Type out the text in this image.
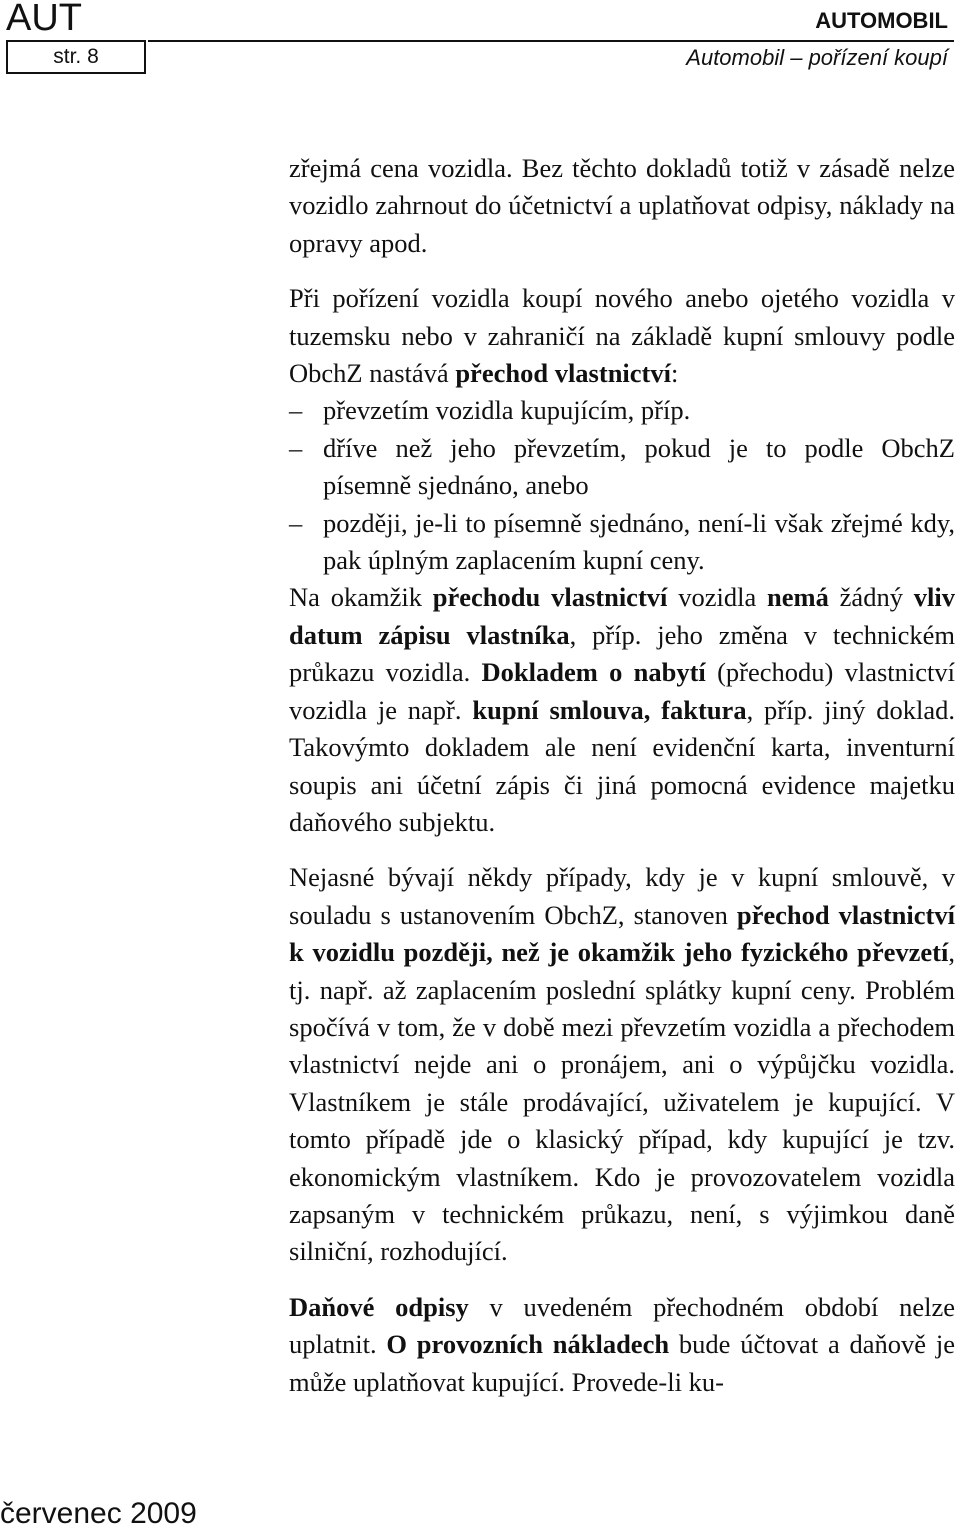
AUT	AUTOMOBIL
str. 8	Automobil – pořízení koupí

zřejmá cena vozidla. Bez těchto dokladů totiž v zásadě nelze vozidlo zahrnout do účetnictví a uplatňovat odpisy, náklady na opravy apod.

Při pořízení vozidla koupí nového anebo ojetého vozidla v tuzemsku nebo v zahraničí na základě kupní smlouvy podle ObchZ nastává přechod vlastnictví:

– převzetím vozidla kupujícím, příp.
– dříve než jeho převzetím, pokud je to podle ObchZ písemně sjednáno, anebo
– později, je-li to písemně sjednáno, není-li však zřejmé kdy, pak úplným zaplacením kupní ceny.

Na okamžik přechodu vlastnictví vozidla nemá žádný vliv datum zápisu vlastníka, příp. jeho změna v technickém průkazu vozidla. Dokladem o nabytí (přechodu) vlastnictví vozidla je např. kupní smlouva, faktura, příp. jiný doklad. Takovýmto dokladem ale není evidenční karta, inventurní soupis ani účetní zápis či jiná pomocná evidence majetku daňového subjektu.

Nejasné bývají někdy případy, kdy je v kupní smlouvě, v souladu s ustanovením ObchZ, stanoven přechod vlastnictví k vozidlu později, než je okamžik jeho fyzického převzetí, tj. např. až zaplacením poslední splátky kupní ceny. Problém spočívá v tom, že v době mezi převzetím vozidla a přechodem vlastnictví nejde ani o pronájem, ani o výpůjčku vozidla. Vlastníkem je stále prodávající, uživatelem je kupující. V tomto případě jde o klasický případ, kdy kupující je tzv. ekonomickým vlastníkem. Kdo je provozovatelem vozidla zapsaným v technickém průkazu, není, s výjimkou daně silniční, rozhodující.

Daňové odpisy v uvedeném přechodném období nelze uplatnit. O provozních nákladech bude účtovat a daňově je může uplatňovat kupující. Provede-li ku-

červenec 2009
